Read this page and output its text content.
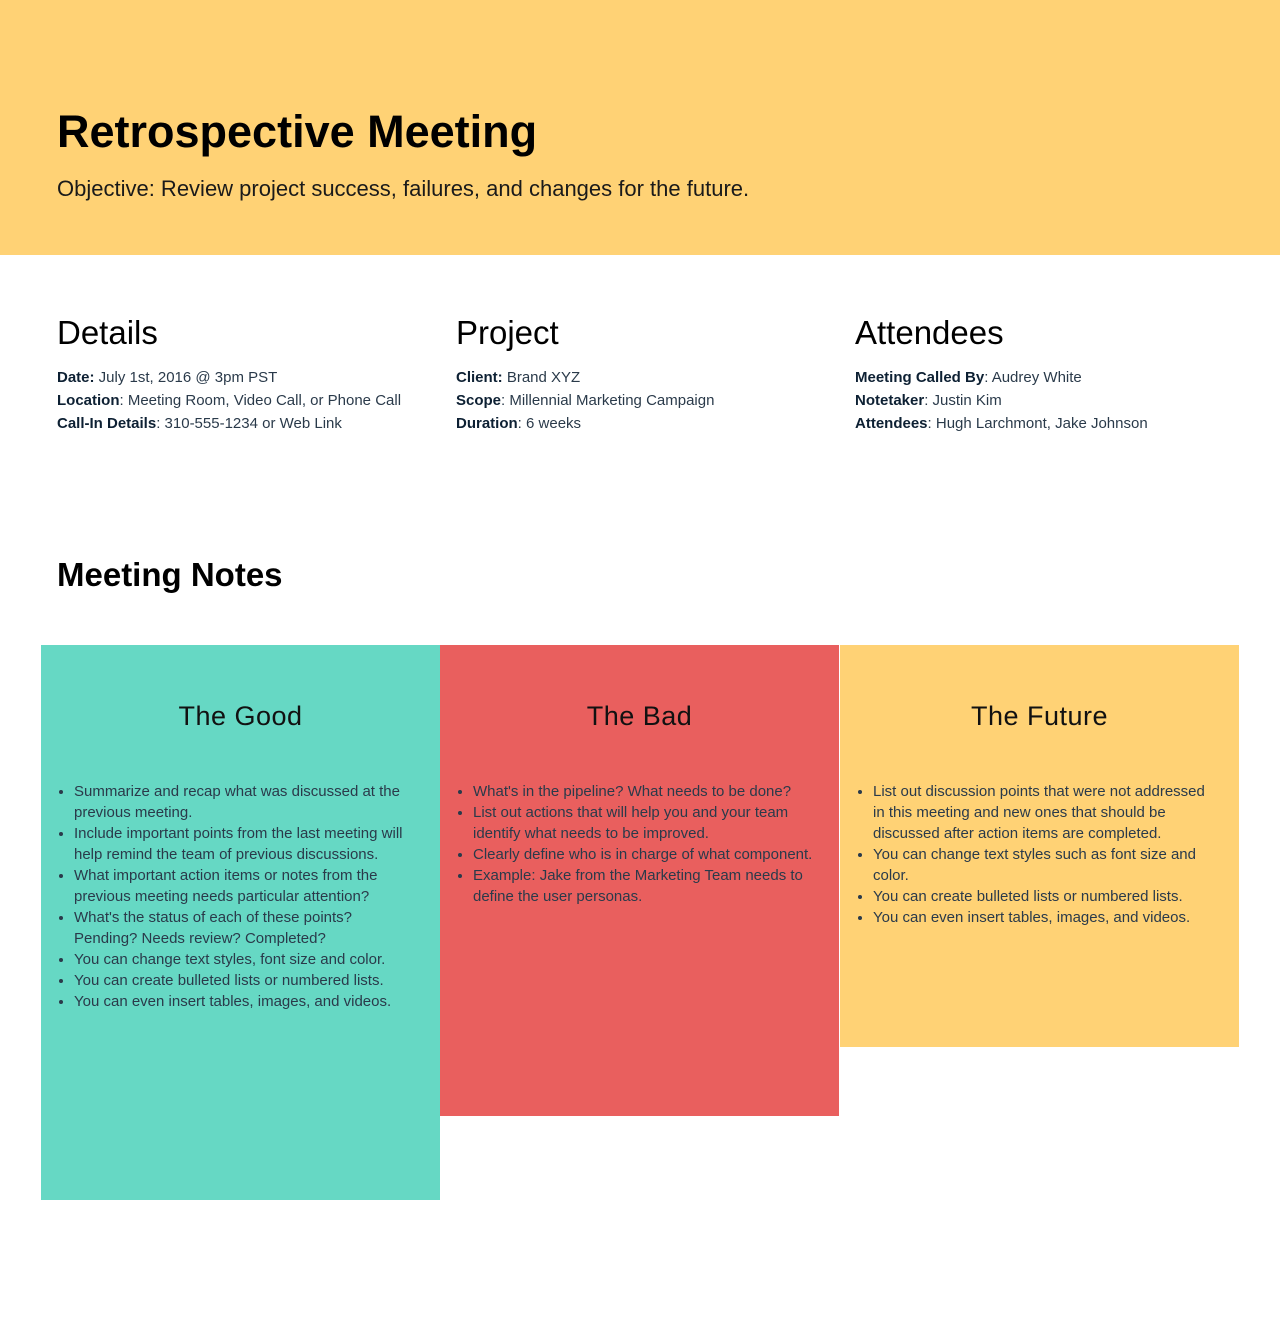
Retrospective Meeting

Objective: Review project success, failures, and changes for the future.

Details
Date: July 1st, 2016 @ 3pm PST
Location: Meeting Room, Video Call, or Phone Call
Call-In Details: 310-555-1234 or Web Link
Project
Client: Brand XYZ
Scope: Millennial Marketing Campaign
Duration: 6 weeks
Attendees
Meeting Called By: Audrey White
Notetaker: Justin Kim
Attendees: Hugh Larchmont, Jake Johnson
Meeting Notes
The Good
• Summarize and recap what was discussed at the previous meeting.
• Include important points from the last meeting will help remind the team of previous discussions.
• What important action items or notes from the previous meeting needs particular attention?
• What's the status of each of these points? Pending? Needs review? Completed?
• You can change text styles, font size and color.
• You can create bulleted lists or numbered lists.
• You can even insert tables, images, and videos.
The Bad
• What's in the pipeline? What needs to be done?
• List out actions that will help you and your team identify what needs to be improved.
• Clearly define who is in charge of what component.
• Example: Jake from the Marketing Team needs to define the user personas.
The Future
• List out discussion points that were not addressed in this meeting and new ones that should be discussed after action items are completed.
• You can change text styles such as font size and color.
• You can create bulleted lists or numbered lists.
• You can even insert tables, images, and videos.
